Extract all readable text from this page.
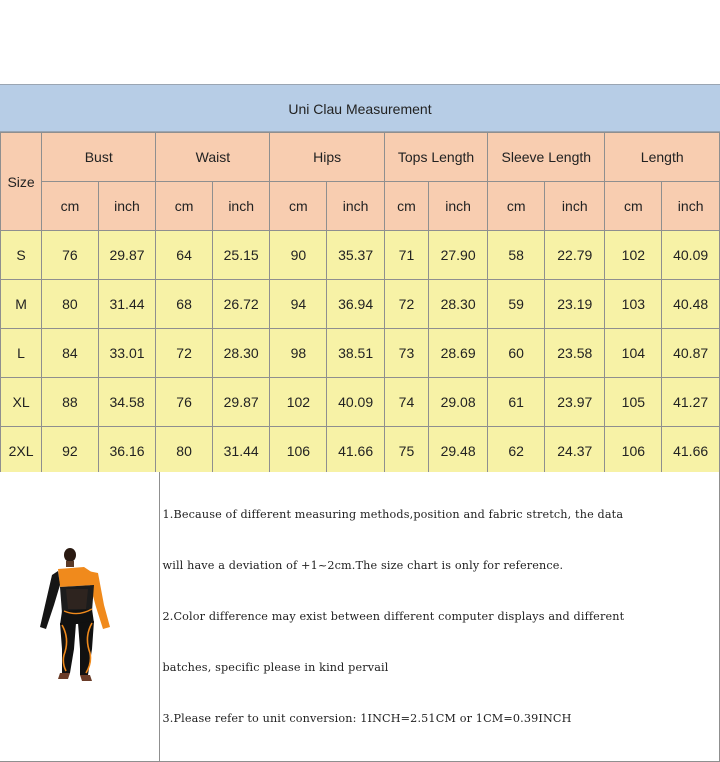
Uni Clau Measurement
Size	Bust		Waist		Hips		Tops Length		Sleeve Length		Length	
	cm	inch	cm	inch	cm	inch	cm	inch	cm	inch	cm	inch
S	76	29.87	64	25.15	90	35.37	71	27.90	58	22.79	102	40.09
M	80	31.44	68	26.72	94	36.94	72	28.30	59	23.19	103	40.48
L	84	33.01	72	28.30	98	38.51	73	28.69	60	23.58	104	40.87
XL	88	34.58	76	29.87	102	40.09	74	29.08	61	23.97	105	41.27
2XL	92	36.16	80	31.44	106	41.66	75	29.48	62	24.37	106	41.66

1.Because of different measuring methods,position and fabric stretch, the data

will have a deviation of +1~2cm.The size chart is only for reference.

2.Color difference may exist between different computer displays and different

batches, specific please in kind pervail

3.Please refer to unit conversion: 1INCH=2.51CM or 1CM=0.39INCH
